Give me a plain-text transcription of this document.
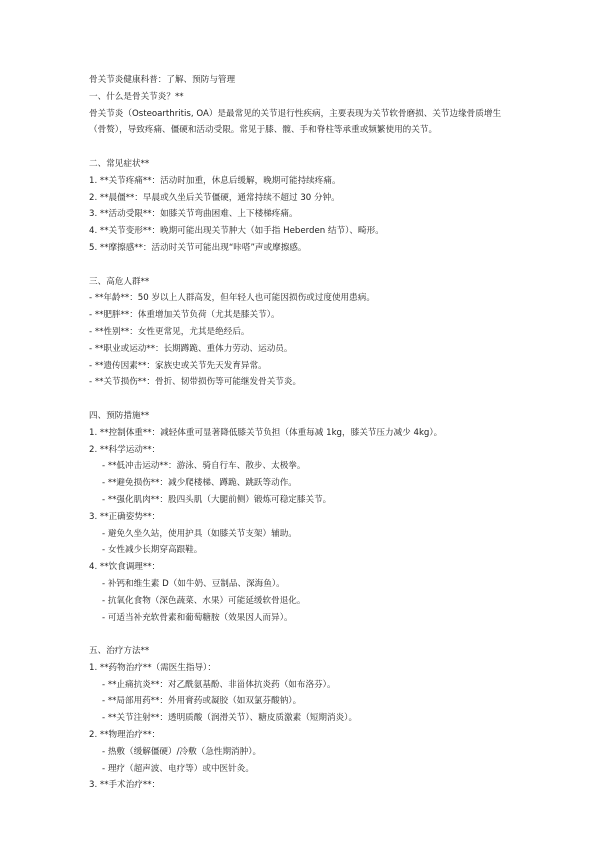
骨关节炎健康科普：了解、预防与管理
一、什么是骨关节炎？**
骨关节炎（Osteoarthritis, OA）是最常见的关节退行性疾病，主要表现为关节软骨磨损、关节边缘骨质增生（骨赘），导致疼痛、僵硬和活动受限。常见于膝、髋、手和脊柱等承重或频繁使用的关节。
二、常见症状**
1. **关节疼痛**：活动时加重，休息后缓解，晚期可能持续疼痛。
2. **晨僵**：早晨或久坐后关节僵硬，通常持续不超过 30 分钟。
3. **活动受限**：如膝关节弯曲困难、上下楼梯疼痛。
4. **关节变形**：晚期可能出现关节肿大（如手指 Heberden 结节）、畸形。
5. **摩擦感**：活动时关节可能出现“咔嗒”声或摩擦感。
三、高危人群**
- **年龄**：50 岁以上人群高发，但年轻人也可能因损伤或过度使用患病。
- **肥胖**：体重增加关节负荷（尤其是膝关节）。
- **性别**：女性更常见，尤其是绝经后。
- **职业或运动**：长期蹲跪、重体力劳动、运动员。
- **遗传因素**：家族史或关节先天发育异常。
- **关节损伤**：骨折、韧带损伤等可能继发骨关节炎。
四、预防措施**
1. **控制体重**：减轻体重可显著降低膝关节负担（体重每减 1kg，膝关节压力减少 4kg）。
2. **科学运动**：
- **低冲击运动**：游泳、骑自行车、散步、太极拳。
- **避免损伤**：减少爬楼梯、蹲跪、跳跃等动作。
- **强化肌肉**：股四头肌（大腿前侧）锻炼可稳定膝关节。
3. **正确姿势**：
- 避免久坐久站，使用护具（如膝关节支架）辅助。
- 女性减少长期穿高跟鞋。
4. **饮食调理**：
- 补钙和维生素 D（如牛奶、豆制品、深海鱼）。
- 抗氧化食物（深色蔬菜、水果）可能延缓软骨退化。
- 可适当补充软骨素和葡萄糖胺（效果因人而异）。
五、治疗方法**
1. **药物治疗**（需医生指导）：
- **止痛抗炎**：对乙酰氨基酚、非甾体抗炎药（如布洛芬）。
- **局部用药**：外用膏药或凝胶（如双氯芬酸钠）。
- **关节注射**：透明质酸（润滑关节）、糖皮质激素（短期消炎）。
2. **物理治疗**：
- 热敷（缓解僵硬）/冷敷（急性期消肿）。
- 理疗（超声波、电疗等）或中医针灸。
3. **手术治疗**：
